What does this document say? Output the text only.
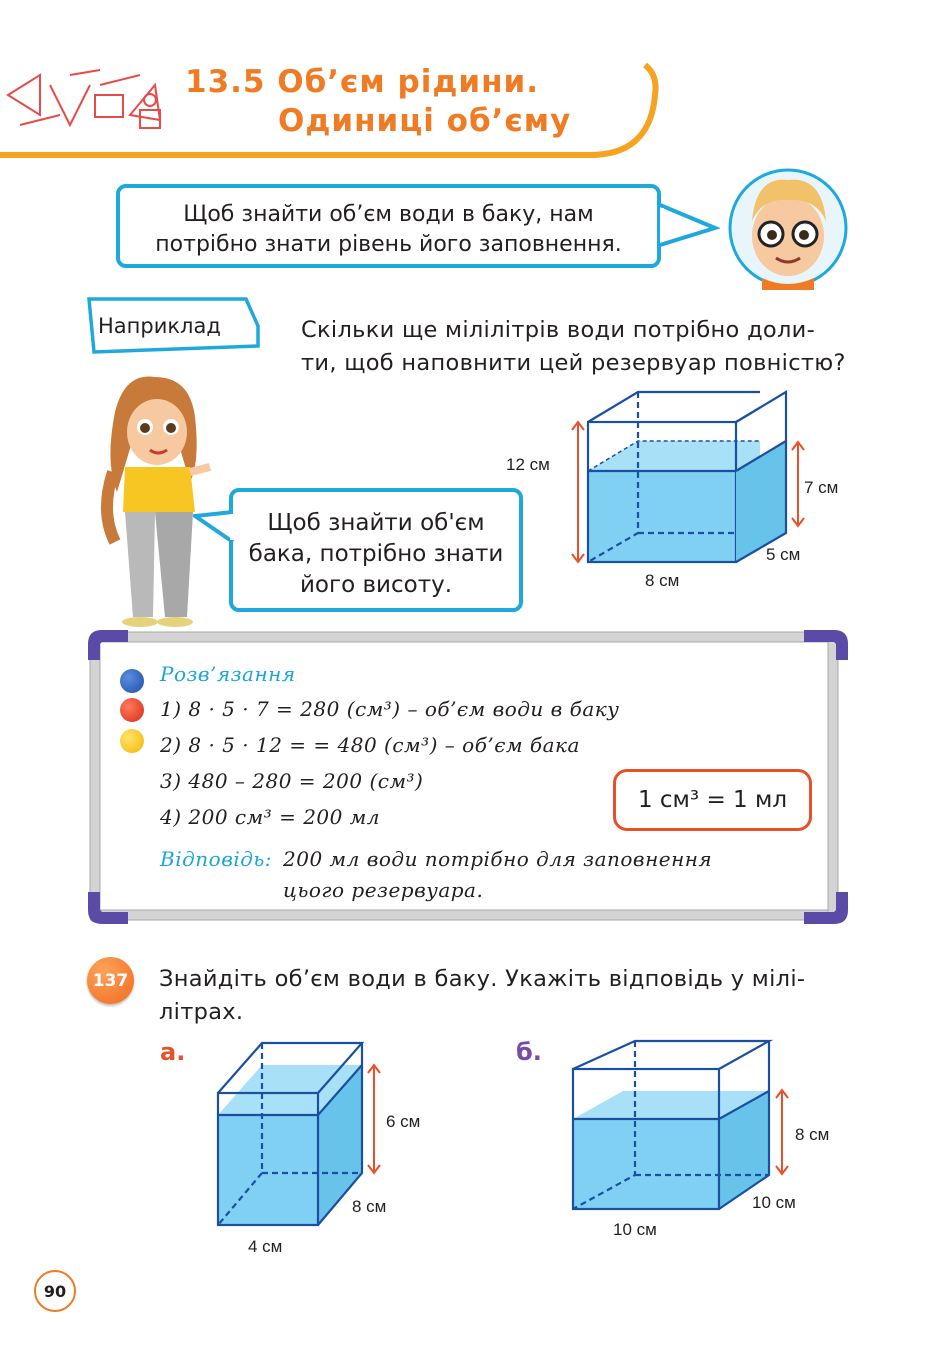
13.5 Об’єм рідини.
Одиниці об’єму
Щоб знайти об’єм води в баку, нам
потрібно знати рівень його заповнення.
Наприклад	Скільки ще мілілітрів води потрібно доли-
ти, щоб наповнити цей резервуар повністю?
Щоб знайти об'єм
бака, потрібно знати
його висоту.
12 см
7 см
5 см
8 см
Розв’язання
1) 8 · 5 · 7 = 280 (см³) – об’єм води в баку
2) 8 · 5 · 12 = = 480 (см³) – об’єм бака
3) 480 – 280 = 200 (см³)
4) 200 см³ = 200 мл
Відповідь: 200 мл води потрібно для заповнення
цього резервуара.
1 см³ = 1 мл
137 Знайдіть об’єм води в баку. Укажіть відповідь у мілі-
літрах.
а.
6 см
8 см
4 см
б.
8 см
10 см
10 см
90
